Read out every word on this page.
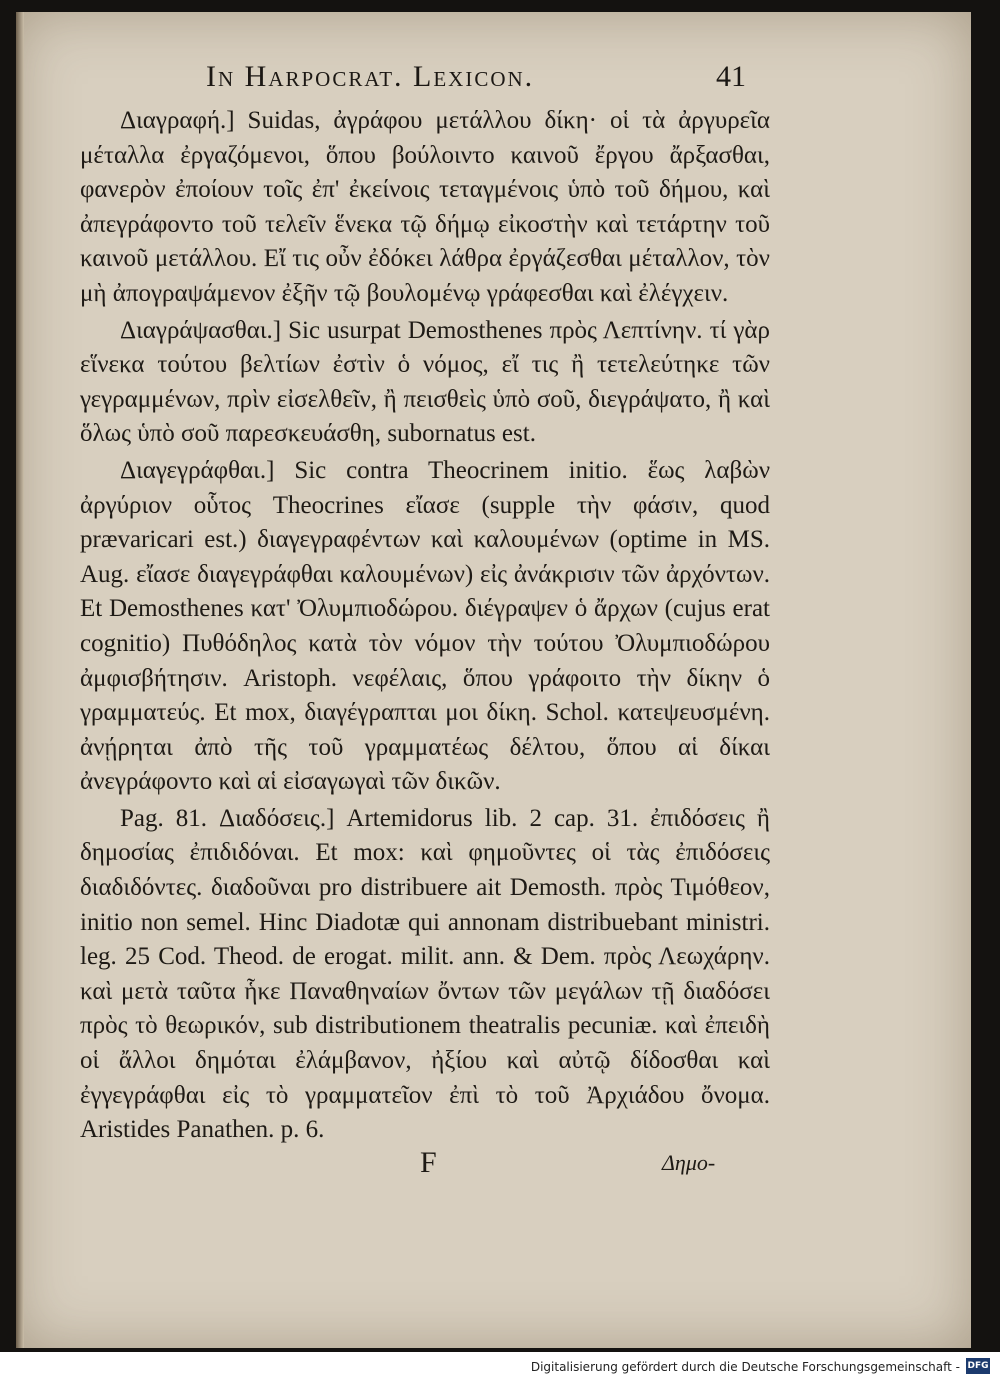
In Harpocrat. Lexicon.	41

Διαγραφή.] Suidas, ἀγράφου μετάλλου δίκη· οἱ τὰ ἀργυρεῖα μέταλλα ἐργαζόμενοι, ὅπου βούλοιντο καινοῦ ἔργου ἄρξασθαι, φανερὸν ἐποίουν τοῖς ἐπ' ἐκείνοις τεταγμένοις ὑπὸ τοῦ δήμου, καὶ ἀπεγράφοντο τοῦ τελεῖν ἕνεκα τῷ δήμῳ εἰκοστὴν καὶ τετάρτην τοῦ καινοῦ μετάλλου. Εἴ τις οὖν ἐδόκει λάθρα ἐργάζεσθαι μέταλλον, τὸν μὴ ἀπογραψάμενον ἐξῆν τῷ βουλομένῳ γράφεσθαι καὶ ἐλέγχειν.

Διαγράψασθαι.] Sic usurpat Demosthenes πρὸς Λεπτίνην. τί γὰρ εἵνεκα τούτου βελτίων ἐστὶν ὁ νόμος, εἴ τις ἢ τετελεύτηκε τῶν γεγραμμένων, πρὶν εἰσελθεῖν, ἢ πεισθεὶς ὑπὸ σοῦ, διεγράψατο, ἢ καὶ ὅλως ὑπὸ σοῦ παρεσκευάσθη, subornatus est.

Διαγεγράφθαι.] Sic contra Theocrinem initio. ἕως λαβὼν ἀργύριον οὗτος Theocrines εἴασε (supple τὴν φάσιν, quod prævaricari est.) διαγεγραφέντων καὶ καλουμένων (optime in MS. Aug. εἴασε διαγεγράφθαι καλουμένων) εἰς ἀνάκρισιν τῶν ἀρχόντων. Et Demosthenes κατ' Ὀλυμπιοδώρου. διέγραψεν ὁ ἄρχων (cujus erat cognitio) Πυθόδηλος κατὰ τὸν νόμον τὴν τούτου Ὀλυμπιοδώρου ἀμφισβήτησιν. Aristoph. νεφέλαις, ὅπου γράφοιτο τὴν δίκην ὁ γραμματεύς. Et mox, διαγέγραπται μοι δίκη. Schol. κατεψευσμένη. ἀνῄρηται ἀπὸ τῆς τοῦ γραμματέως δέλτου, ὅπου αἱ δίκαι ἀνεγράφοντο καὶ αἱ εἰσαγωγαὶ τῶν δικῶν.

Pag. 81. Διαδόσεις.] Artemidorus lib. 2 cap. 31. ἐπιδόσεις ἢ δημοσίας ἐπιδιδόναι. Et mox: καὶ φημοῦντες οἱ τὰς ἐπιδόσεις διαδιδόντες. διαδοῦναι pro distribuere ait Demosth. πρὸς Τιμόθεον, initio non semel. Hinc Diadotæ qui annonam distribuebant ministri. leg. 25 Cod. Theod. de erogat. milit. ann. & Dem. πρὸς Λεωχάρην. καὶ μετὰ ταῦτα ἧκε Παναθηναίων ὄντων τῶν μεγάλων τῇ διαδόσει πρὸς τὸ θεωρικόν, sub distributionem theatralis pecuniæ. καὶ ἐπειδὴ οἱ ἄλλοι δημόται ἐλάμβανον, ἠξίου καὶ αὐτῷ δίδοσθαι καὶ ἐγγεγράφθαι εἰς τὸ γραμματεῖον ἐπὶ τὸ τοῦ Ἀρχιάδου ὄνομα. Aristides Panathen. p. 6.

F	Δημο-
Digitalisierung gefördert durch die Deutsche Forschungsgemeinschaft - DFG
